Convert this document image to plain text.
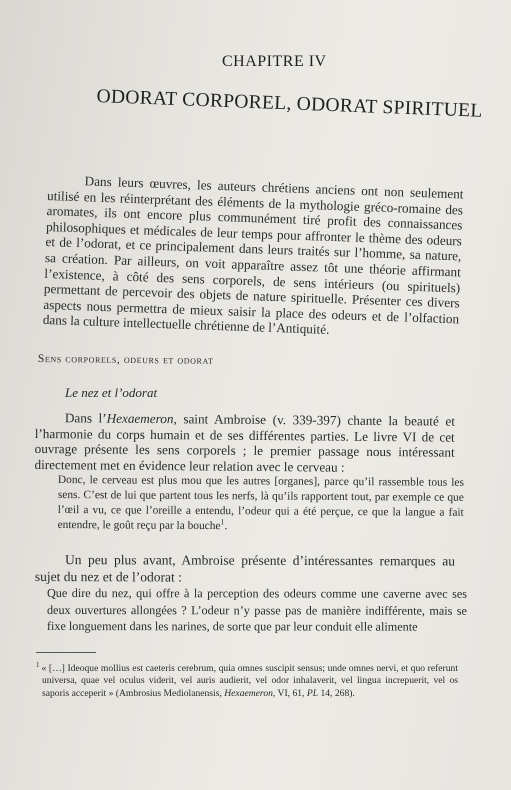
CHAPITRE IV
ODORAT CORPOREL, ODORAT SPIRITUEL

Dans leurs œuvres, les auteurs chrétiens anciens ont non seulement utilisé en les réinterprétant des éléments de la mythologie gréco-romaine des aromates, ils ont encore plus communément tiré profit des connaissances philosophiques et médicales de leur temps pour affronter le thème des odeurs et de l’odorat, et ce principalement dans leurs traités sur l’homme, sa nature, sa création. Par ailleurs, on voit apparaître assez tôt une théorie affirmant l’existence, à côté des sens corporels, de sens intérieurs (ou spirituels) permettant de percevoir des objets de nature spirituelle. Présenter ces divers aspects nous permettra de mieux saisir la place des odeurs et de l’olfaction dans la culture intellectuelle chrétienne de l’Antiquité.

Sens corporels, odeurs et odorat
Le nez et l’odorat

Dans l’Hexaemeron, saint Ambroise (v. 339-397) chante la beauté et l’harmonie du corps humain et de ses différentes parties. Le livre VI de cet ouvrage présente les sens corporels ; le premier passage nous intéressant directement met en évidence leur relation avec le cerveau :

Donc, le cerveau est plus mou que les autres [organes], parce qu’il rassemble tous les sens. C’est de lui que partent tous les nerfs, là qu’ils rapportent tout, par exemple ce que l’œil a vu, ce que l’oreille a entendu, l’odeur qui a été perçue, ce que la langue a fait entendre, le goût reçu par la bouche$^1$.

Un peu plus avant, Ambroise présente d’intéressantes remarques au sujet du nez et de l’odorat :

Que dire du nez, qui offre à la perception des odeurs comme une caverne avec ses deux ouvertures allongées ? L’odeur n’y passe pas de manière indifférente, mais se fixe longuement dans les narines, de sorte que par leur conduit elle alimente

$^1$ « […] Ideoque mollius est caeteris cerebrum, quia omnes suscipit sensus; unde omnes nervi, et quo referunt universa, quae vel oculus viderit, vel auris audierit, vel odor inhalaverit, vel lingua increpuerit, vel os saporis acceperit » (Ambrosius Mediolanensis, Hexaemeron, VI, 61, PL 14, 268).
